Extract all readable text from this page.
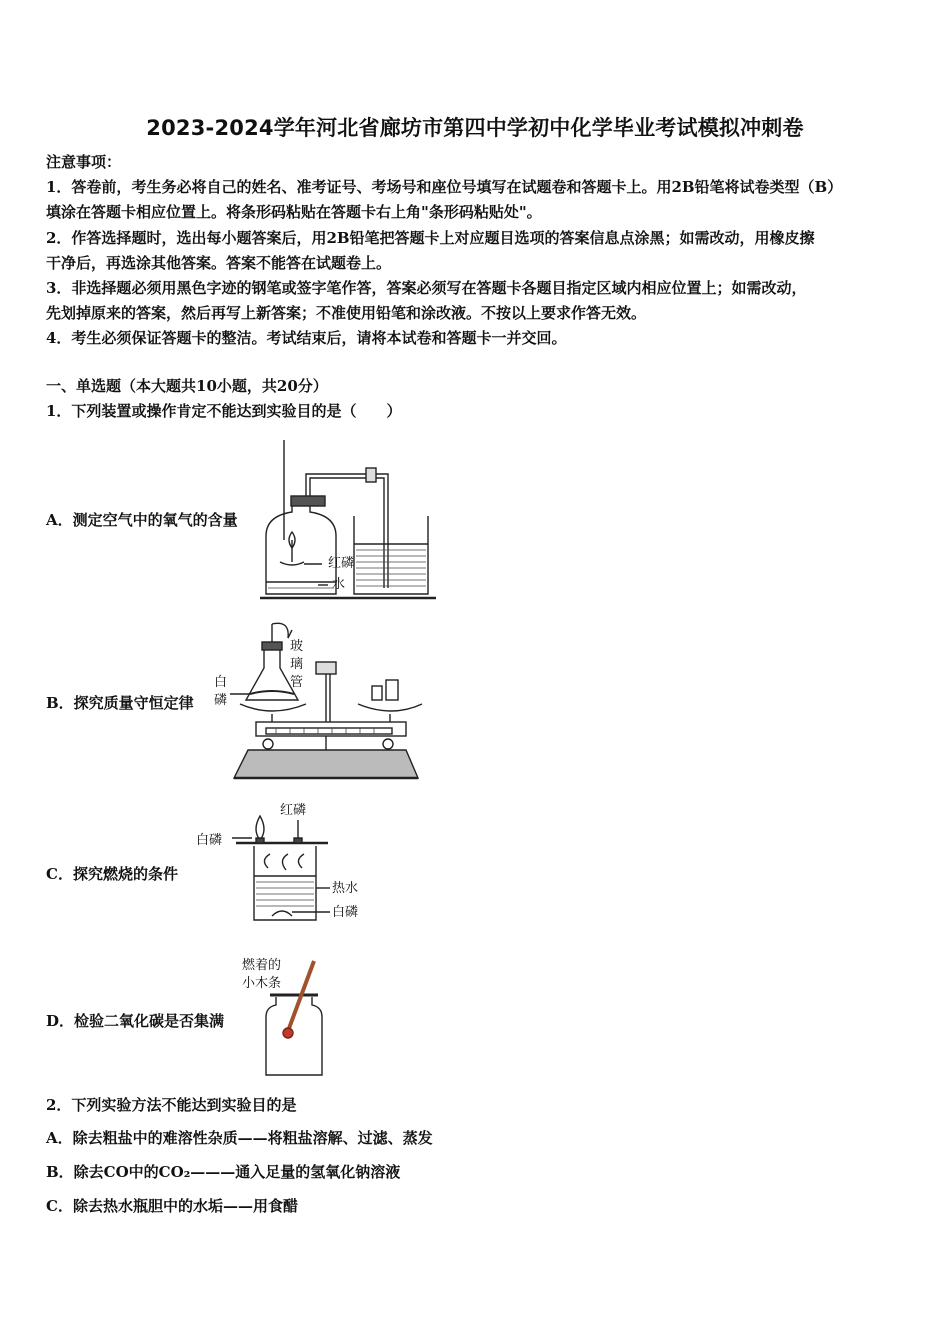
2023-2024学年河北省廊坊市第四中学初中化学毕业考试模拟冲刺卷
注意事项：
1．答卷前，考生务必将自己的姓名、准考证号、考场号和座位号填写在试题卷和答题卡上。用2B铅笔将试卷类型（B）
填涂在答题卡相应位置上。将条形码粘贴在答题卡右上角"条形码粘贴处"。
2．作答选择题时，选出每小题答案后，用2B铅笔把答题卡上对应题目选项的答案信息点涂黑；如需改动，用橡皮擦
干净后，再选涂其他答案。答案不能答在试题卷上。
3．非选择题必须用黑色字迹的钢笔或签字笔作答，答案必须写在答题卡各题目指定区域内相应位置上；如需改动，
先划掉原来的答案，然后再写上新答案；不准使用铅笔和涂改液。不按以上要求作答无效。
4．考生必须保证答题卡的整洁。考试结束后，请将本试卷和答题卡一并交回。
一、单选题（本大题共10小题，共20分）
1．下列装置或操作肯定不能达到实验目的是（　　）
A．测定空气中的氧气的含量
红磷
水
B．探究质量守恒定律
玻
璃
管
白
磷
C．探究燃烧的条件
红磷
白磷
热水
白磷
D．检验二氧化碳是否集满
燃着的
小木条
2．下列实验方法不能达到实验目的是
A．除去粗盐中的难溶性杂质——将粗盐溶解、过滤、蒸发
B．除去CO中的CO₂———通入足量的氢氧化钠溶液
C．除去热水瓶胆中的水垢——用食醋
